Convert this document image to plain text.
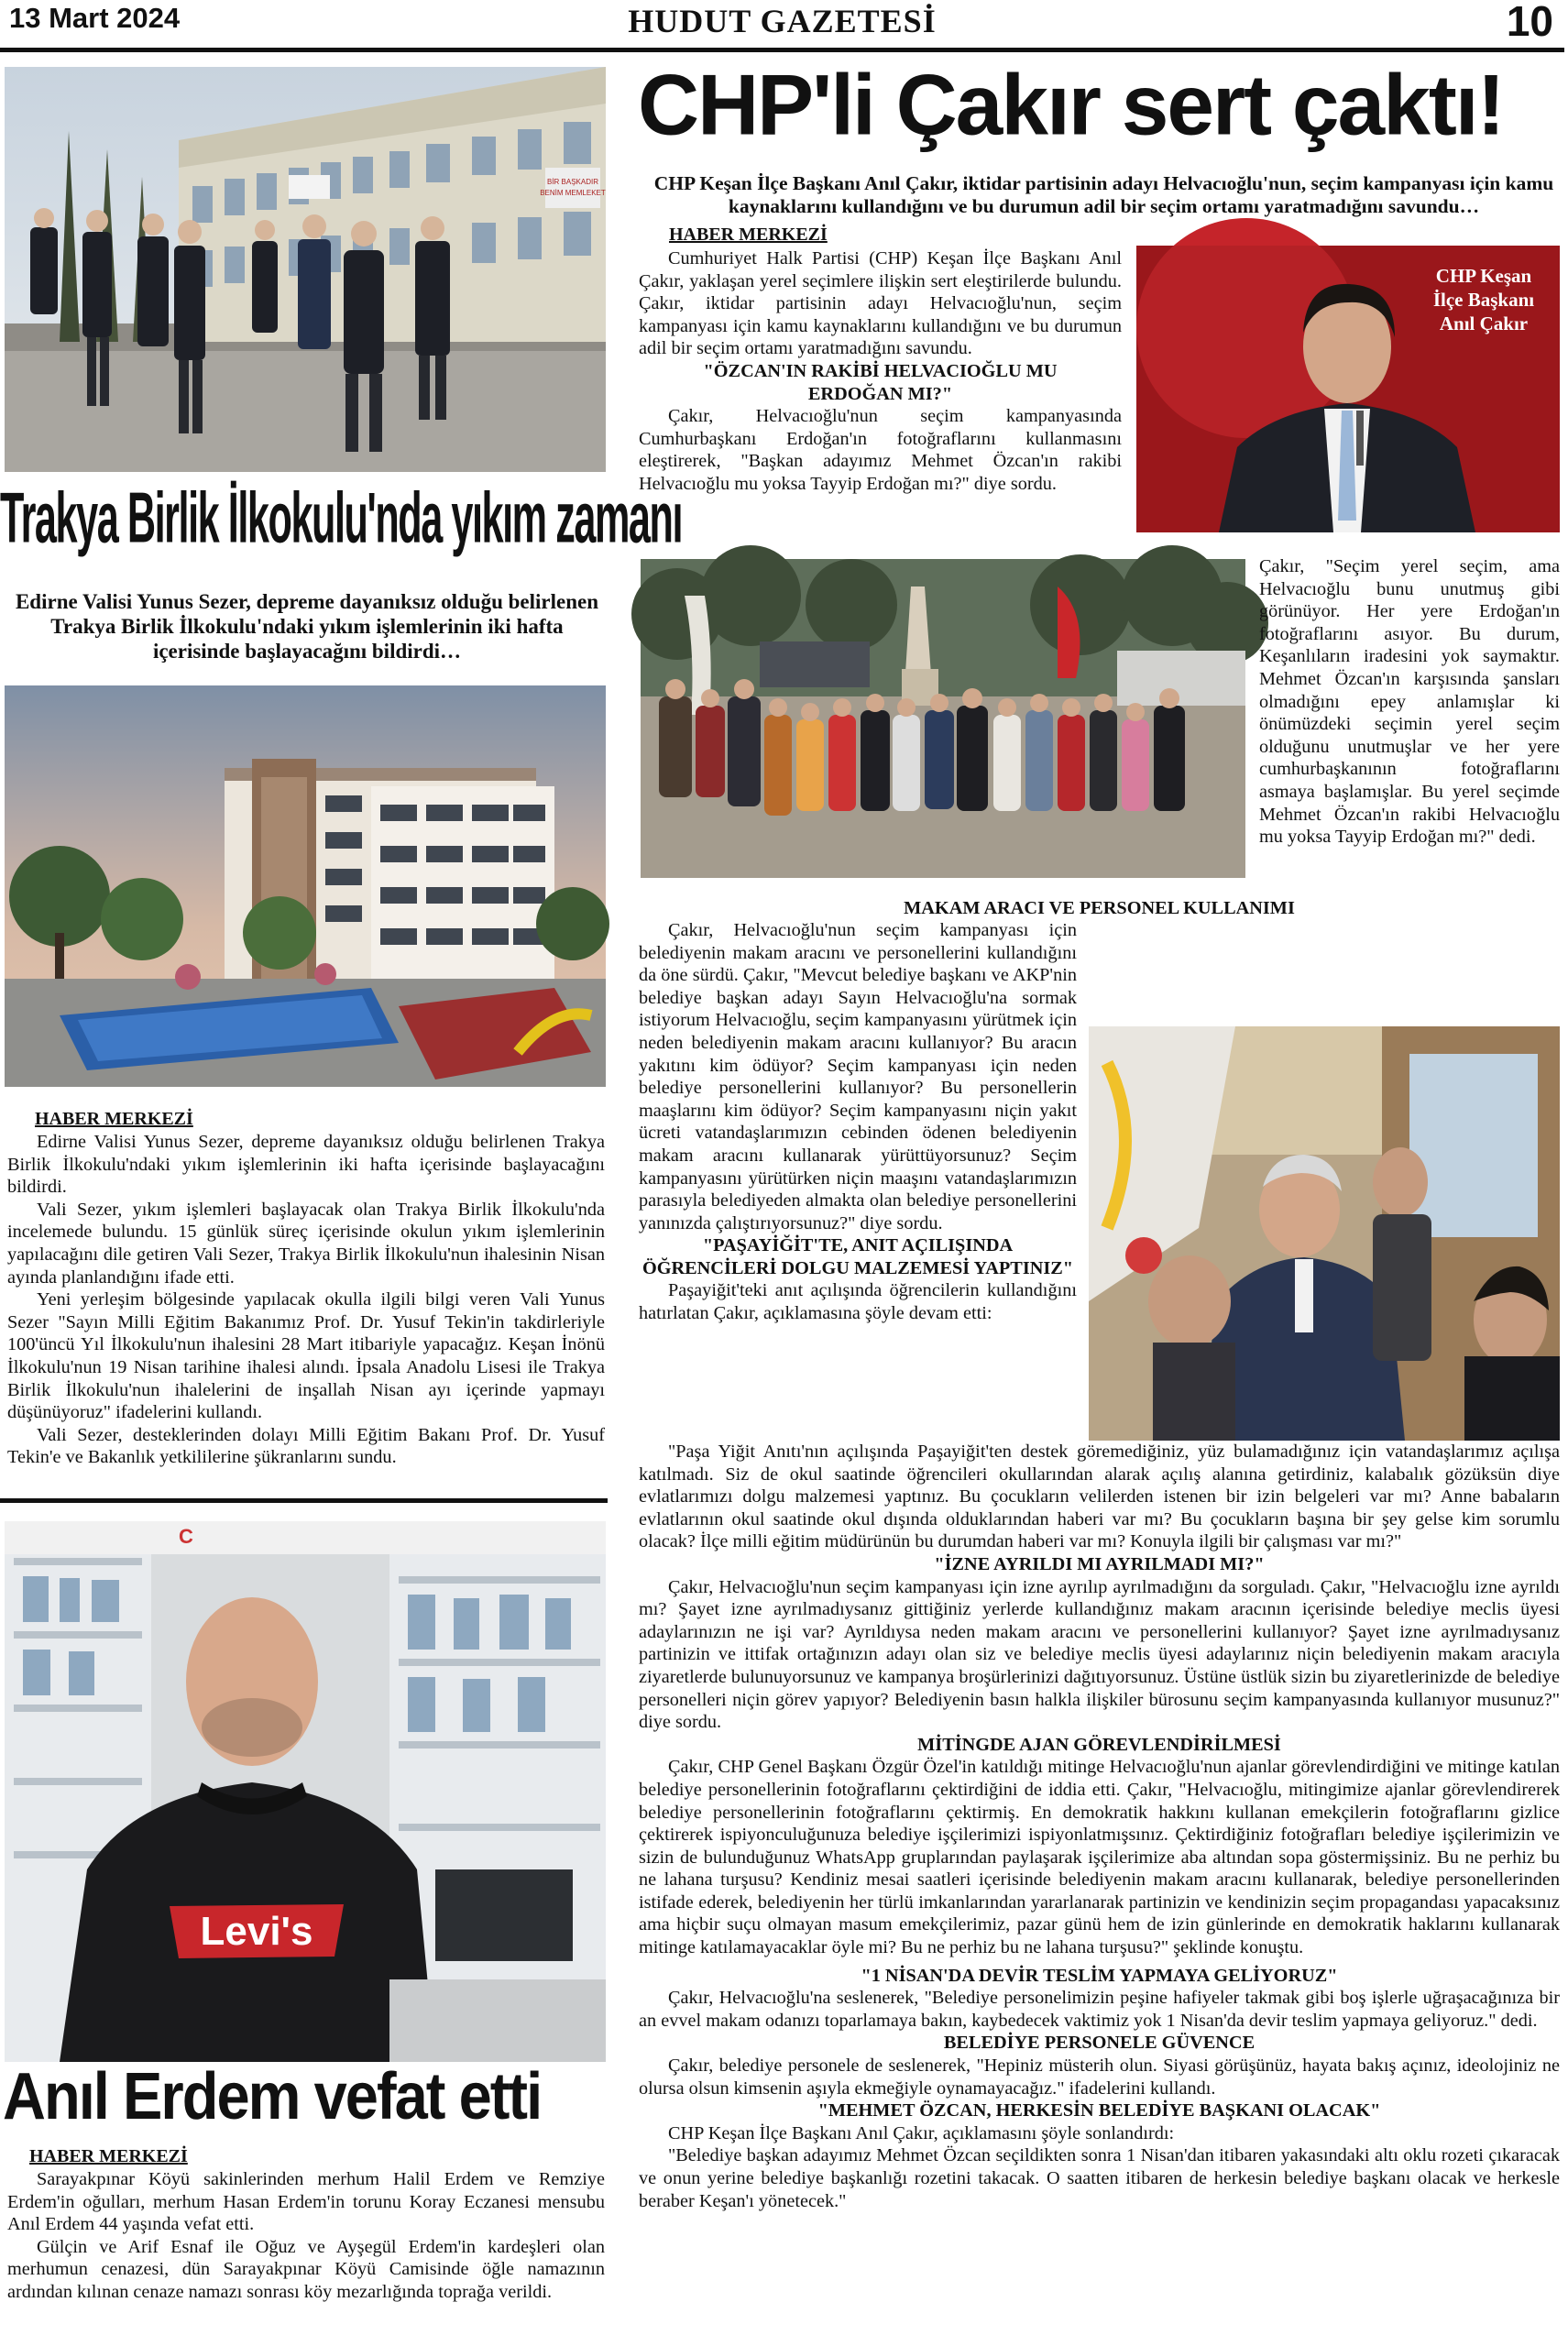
13 Mart 2024	HUDUT GAZETESİ	10
BİR BAŞKADIR
BENİM MEMLEKET
Trakya Birlik İlkokulu'nda yıkım zamanı
Edirne Valisi Yunus Sezer, depreme dayanıksız olduğu belirlenen Trakya Birlik İlkokulu'ndaki yıkım işlemlerinin iki hafta içerisinde başlayacağını bildirdi…
HABER MERKEZİ

Edirne Valisi Yunus Sezer, depreme dayanıksız olduğu belirlenen Trakya Birlik İlkokulu'ndaki yıkım işlemlerinin iki hafta içerisinde başlayacağını bildirdi.

Vali Sezer, yıkım işlemleri başlayacak olan Trakya Birlik İlkokulu'nda incelemede bulundu. 15 günlük süreç içerisinde okulun yıkım işlemlerinin yapılacağını dile getiren Vali Sezer, Trakya Birlik İlkokulu'nun ihalesinin Nisan ayında planlandığını ifade etti.

Yeni yerleşim bölgesinde yapılacak okulla ilgili bilgi veren Vali Yunus Sezer "Sayın Milli Eğitim Bakanımız Prof. Dr. Yusuf Tekin'in takdirleriyle 100'üncü Yıl İlkokulu'nun ihalesini 28 Mart itibariyle yapacağız. Keşan İnönü İlkokulu'nun 19 Nisan tarihine ihalesi alındı. İpsala Anadolu Lisesi ile Trakya Birlik İlkokulu'nun ihalelerini de inşallah Nisan ayı içerinde yapmayı düşünüyoruz" ifadelerini kullandı.

Vali Sezer, desteklerinden dolayı Milli Eğitim Bakanı Prof. Dr. Yusuf Tekin'e ve Bakanlık yetkililerine şükranlarını sundu.

C
Levi's
Anıl Erdem vefat etti
HABER MERKEZİ

Sarayakpınar Köyü sakinlerinden merhum Halil Erdem ve Remziye Erdem'in oğulları, merhum Hasan Erdem'in torunu Koray Eczanesi mensubu Anıl Erdem 44 yaşında vefat etti.

Gülçin ve Arif Esnaf ile Oğuz ve Ayşegül Erdem'in kardeşleri olan merhumun cenazesi, dün Sarayakpınar Köyü Camisinde öğle namazının ardından kılınan cenaze namazı sonrası köy mezarlığında toprağa verildi.

CHP'li Çakır sert çaktı!
CHP Keşan İlçe Başkanı Anıl Çakır, iktidar partisinin adayı Helvacıoğlu'nun, seçim kampanyası için kamu kaynaklarını kullandığını ve bu durumun adil bir seçim ortamı yaratmadığını savundu…
HABER MERKEZİ

Cumhuriyet Halk Partisi (CHP) Keşan İlçe Başkanı Anıl Çakır, yaklaşan yerel seçimlere ilişkin sert eleştirilerde bulundu. Çakır, iktidar partisinin adayı Helvacıoğlu'nun, seçim kampanyası için kamu kaynaklarını kullandığını ve bu durumun adil bir seçim ortamı yaratmadığını savundu.

"ÖZCAN'IN RAKİBİ HELVACIOĞLU MU ERDOĞAN MI?"

Çakır, Helvacıoğlu'nun seçim kampanyasında Cumhurbaşkanı Erdoğan'ın fotoğraflarını kullanmasını eleştirerek, "Başkan adayımız Mehmet Özcan'ın rakibi Helvacıoğlu mu yoksa Tayyip Erdoğan mı?" diye sordu.

CHP Keşan
İlçe Başkanı
Anıl Çakır

Çakır, "Seçim yerel seçim, ama Helvacıoğlu bunu unutmuş gibi görünüyor. Her yere Erdoğan'ın fotoğraflarını asıyor. Bu durum, Keşanlıların iradesini yok saymaktır. Mehmet Özcan'ın karşısında şansları olmadığını epey anlamışlar ki önümüzdeki seçimin yerel seçim olduğunu unutmuşlar ve her yere cumhurbaşkanının fotoğraflarını asmaya başlamışlar. Bu yerel seçimde Mehmet Özcan'ın rakibi Helvacıoğlu mu yoksa Tayyip Erdoğan mı?" dedi.

MAKAM ARACI VE PERSONEL KULLANIMI

Çakır, Helvacıoğlu'nun seçim kampanyası için belediyenin makam aracını ve personellerini kullandığını da öne sürdü. Çakır, "Mevcut belediye başkanı ve AKP'nin belediye başkan adayı Sayın Helvacıoğlu'na sormak istiyorum Helvacıoğlu, seçim kampanyasını yürütmek için neden belediyenin makam aracını kullanıyor? Bu aracın yakıtını kim ödüyor? Seçim kampanyası için neden belediye personellerini kullanıyor? Bu personellerin maaşlarını kim ödüyor? Seçim kampanyasını niçin yakıt ücreti vatandaşlarımızın cebinden ödenen belediyenin makam aracını kullanarak yürüttüyorsunuz? Seçim kampanyasını yürütürken niçin maaşını vatandaşlarımızın parasıyla belediyeden almakta olan belediye personellerini yanınızda çalıştırıyorsunuz?" diye sordu.

"PAŞAYİĞİT'TE, ANIT AÇILIŞINDA ÖĞRENCİLERİ DOLGU MALZEMESİ YAPTINIZ"

Paşayiğit'teki anıt açılışında öğrencilerin kullandığını hatırlatan Çakır, açıklamasına şöyle devam etti:

"Paşa Yiğit Anıtı'nın açılışında Paşayiğit'ten destek göremediğiniz, yüz bulamadığınız için vatandaşlarımız açılışa katılmadı. Siz de okul saatinde öğrencileri okullarından alarak açılış alanına getirdiniz, kalabalık gözüksün diye evlatlarımızı dolgu malzemesi yaptınız. Bu çocukların velilerden istenen bir izin belgeleri var mı? Anne babaların evlatlarının okul saatinde okul dışında olduklarından haberi var mı? Bu çocukların başına bir şey gelse kim sorumlu olacak? İlçe milli eğitim müdürünün bu durumdan haberi var mı? Konuyla ilgili bir çalışması var mı?"

"İZNE AYRILDI MI AYRILMADI MI?"

Çakır, Helvacıoğlu'nun seçim kampanyası için izne ayrılıp ayrılmadığını da sorguladı. Çakır, "Helvacıoğlu izne ayrıldı mı? Şayet izne ayrılmadıysanız gittiğiniz yerlerde kullandığınız makam aracının içerisinde belediye meclis üyesi adaylarınızın ne işi var? Ayrıldıysa neden makam aracını ve personellerini kullanıyor? Şayet izne ayrılmadıysanız partinizin ve ittifak ortağınızın adayı olan siz ve belediye meclis üyesi adaylarınız niçin belediyenin makam aracıyla ziyaretlerde bulunuyorsunuz ve kampanya broşürlerinizi dağıtıyorsunuz. Üstüne üstlük sizin bu ziyaretlerinizde de belediye personelleri niçin görev yapıyor? Belediyenin basın halkla ilişkiler bürosunu seçim kampanyasında kullanıyor musunuz?" diye sordu.

MİTİNGDE AJAN GÖREVLENDİRİLMESİ

Çakır, CHP Genel Başkanı Özgür Özel'in katıldığı mitinge Helvacıoğlu'nun ajanlar görevlendirdiğini ve mitinge katılan belediye personellerinin fotoğraflarını çektirdiğini de iddia etti. Çakır, "Helvacıoğlu, mitingimize ajanlar görevlendirerek belediye personellerinin fotoğraflarını çektirmiş. En demokratik hakkını kullanan emekçilerin fotoğraflarını gizlice çektirerek ispiyonculuğunuza belediye işçilerimizi ispiyonlatmışsınız. Çektirdiğiniz fotoğrafları belediye işçilerimizin ve sizin de bulunduğunuz WhatsApp gruplarından paylaşarak işçilerimize aba altından sopa göstermişsiniz. Bu ne perhiz bu ne lahana turşusu? Kendiniz mesai saatleri içerisinde belediyenin makam aracını kullanarak, belediye personellerinden istifade ederek, belediyenin her türlü imkanlarından yararlanarak partinizin ve kendinizin seçim propagandası yapacaksınız ama hiçbir suçu olmayan masum emekçilerimiz, pazar günü hem de izin günlerinde en demokratik haklarını kullanarak mitinge katılamayacaklar öyle mi? Bu ne perhiz bu ne lahana turşusu?" şeklinde konuştu.

"1 NİSAN'DA DEVİR TESLİM YAPMAYA GELİYORUZ"

Çakır, Helvacıoğlu'na seslenerek, "Belediye personelimizin peşine hafiyeler takmak gibi boş işlerle uğraşacağınıza bir an evvel makam odanızı toparlamaya bakın, kaybedecek vaktimiz yok 1 Nisan'da devir teslim yapmaya geliyoruz." dedi.

BELEDİYE PERSONELE GÜVENCE

Çakır, belediye personele de seslenerek, "Hepiniz müsterih olun. Siyasi görüşünüz, hayata bakış açınız, ideolojiniz ne olursa olsun kimsenin aşıyla ekmeğiyle oynamayacağız." ifadelerini kullandı.

"MEHMET ÖZCAN, HERKESİN BELEDİYE BAŞKANI OLACAK"

CHP Keşan İlçe Başkanı Anıl Çakır, açıklamasını şöyle sonlandırdı:

"Belediye başkan adayımız Mehmet Özcan seçildikten sonra 1 Nisan'dan itibaren yakasındaki altı oklu rozeti çıkaracak ve onun yerine belediye başkanlığı rozetini takacak. O saatten itibaren de herkesin belediye başkanı olacak ve herkesle beraber Keşan'ı yönetecek."
